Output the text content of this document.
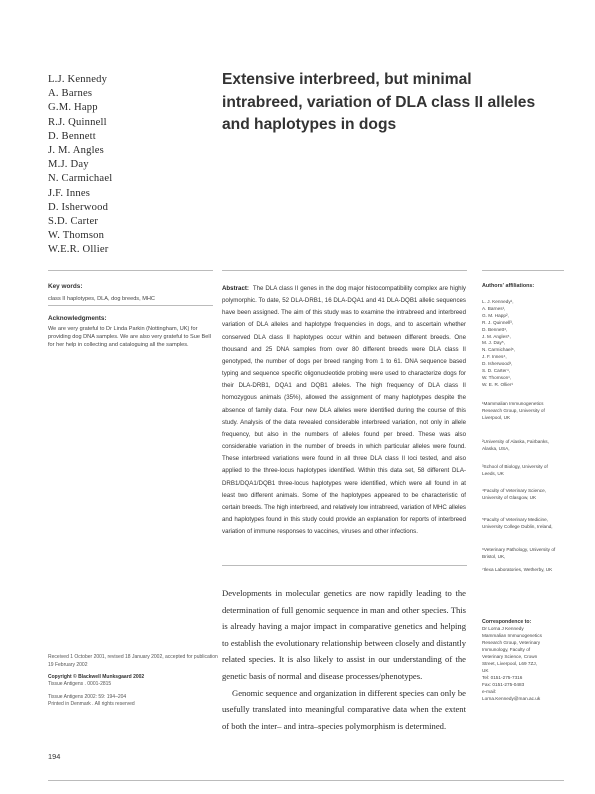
L.J. Kennedy
A. Barnes
G.M. Happ
R.J. Quinnell
D. Bennett
J. M. Angles
M.J. Day
N. Carmichael
J.F. Innes
D. Isherwood
S.D. Carter
W. Thomson
W.E.R. Ollier
Extensive interbreed, but minimal intrabreed, variation of DLA class II alleles and haplotypes in dogs
Key words:
class II haplotypes, DLA, dog breeds, MHC
Acknowledgments:
We are very grateful to Dr Linda Parkin (Nottingham, UK) for providing dog DNA samples. We are also very grateful to Sue Bell for her help in collecting and cataloguing all the samples.
Abstract: The DLA class II genes in the dog major histocompatibility complex are highly polymorphic. To date, 52 DLA-DRB1, 16 DLA-DQA1 and 41 DLA-DQB1 allelic sequences have been assigned. The aim of this study was to examine the intrabreed and interbreed variation of DLA alleles and haplotype frequencies in dogs, and to ascertain whether conserved DLA class II haplotypes occur within and between different breeds. One thousand and 25 DNA samples from over 80 different breeds were DLA class II genotyped, the number of dogs per breed ranging from 1 to 61. DNA sequence based typing and sequence specific oligonucleotide probing were used to characterize dogs for their DLA-DRB1, DQA1 and DQB1 alleles. The high frequency of DLA class II homozygous animals (35%), allowed the assignment of many haplotypes despite the absence of family data. Four new DLA alleles were identified during the course of this study. Analysis of the data revealed considerable interbreed variation, not only in allele frequency, but also in the numbers of alleles found per breed. These was also considerable variation in the number of breeds in which particular alleles were found. These interbreed variations were found in all three DLA class II loci tested, and also applied to the three-locus haplotypes identified. Within this data set, 58 different DLA-DRB1/DQA1/DQB1 three-locus haplotypes were identified, which were all found in at least two different animals. Some of the haplotypes appeared to be characteristic of certain breeds. The high interbreed, and relatively low intrabreed, variation of MHC alleles and haplotypes found in this study could provide an explanation for reports of interbreed variation of immune responses to vaccines, viruses and other infections.
Authors' affiliations:
L. J. Kennedy¹,
A. Barnes¹,
G. M. Happ²,
R. J. Quinnell³,
D. Bennett⁴,
J. M. Angles⁵,
M. J. Day⁵,
N. Carmichael⁶,
J. F. Innes⁴,
D. Isherwood¹,
S. D. Carter⁴,
W. Thomson¹,
W. E. R. Ollier¹
¹Mammalian Immunogenetics Research Group, University of Liverpool, UK
²University of Alaska, Fairbanks, Alaska, USA,
³School of Biology, University of Leeds, UK
⁴Faculty of Veterinary Science, University of Glasgow, UK
⁵Faculty of Veterinary Medicine, University College Dublin, Ireland,
⁶Veterinary Pathology, University of Bristol, UK,
⁷Ilexa Laboratories, Wetherby, UK
Correspondence to:
Dr Lorna J Kennedy
Mammalian Immunogenetics
Research Group, Veterinary
Immunology, Faculty of
Veterinary Science, Crown
Street, Liverpool, L69 7ZJ,
UK
Tel: 0151-275-7316
Fax: 0151-275-0483
e-mail:
Lorna.Kennedy@man.ac.uk

Developments in molecular genetics are now rapidly leading to the determination of full genomic sequence in man and other species. This is already having a major impact in comparative genetics and helping to establish the evolutionary relationship between closely and distantly related species. It is also likely to assist in our understanding of the genetic basis of normal and disease processes/phenotypes.

Genomic sequence and organization in different species can only be usefully translated into meaningful comparative data when the extent of both the inter– and intra–species polymorphism is determined.

Received 1 October 2001, revised 18 January 2002, accepted for publication 19 February 2002
Copyright © Blackwell Munksgaard 2002
Tissue Antigens . 0001-2815
Tissue Antigens 2002: 59: 194–204
Printed in Denmark . All rights reserved
194
